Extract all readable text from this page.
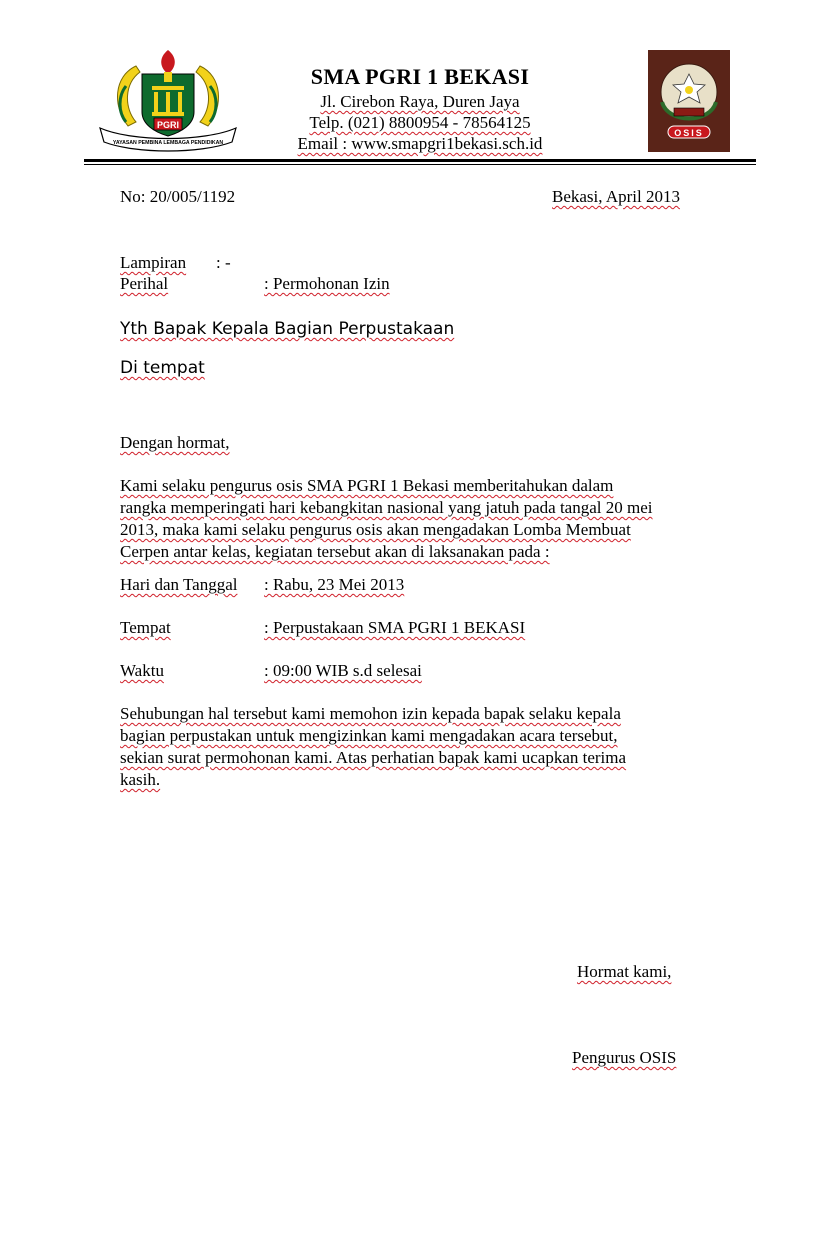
PGRI
YAYASAN PEMBINA LEMBAGA PENDIDIKAN
SMA PGRI 1 BEKASI
Jl. Cirebon Raya, Duren Jaya
Telp. (021) 8800954 - 78564125
Email : www.smapgri1bekasi.sch.id
OSIS
No: 20/005/1192	Bekasi, April 2013
Lampiran : -
Perihal	: Permohonan Izin
Yth Bapak Kepala Bagian Perpustakaan
Di tempat
Dengan hormat,
Kami selaku pengurus osis SMA PGRI 1 Bekasi memberitahukan dalam
rangka memperingati hari kebangkitan nasional yang jatuh pada tangal 20 mei
2013, maka kami selaku pengurus osis akan mengadakan Lomba Membuat
Cerpen antar kelas, kegiatan tersebut akan di laksanakan pada :
Hari dan Tanggal : Rabu, 23 Mei 2013
Tempat	: Perpustakaan SMA PGRI 1 BEKASI
Waktu	: 09:00 WIB s.d selesai
Sehubungan hal tersebut kami memohon izin kepada bapak selaku kepala
bagian perpustakan untuk mengizinkan kami mengadakan acara tersebut,
sekian surat permohonan kami. Atas perhatian bapak kami ucapkan terima
kasih.
Hormat kami,
Pengurus OSIS
